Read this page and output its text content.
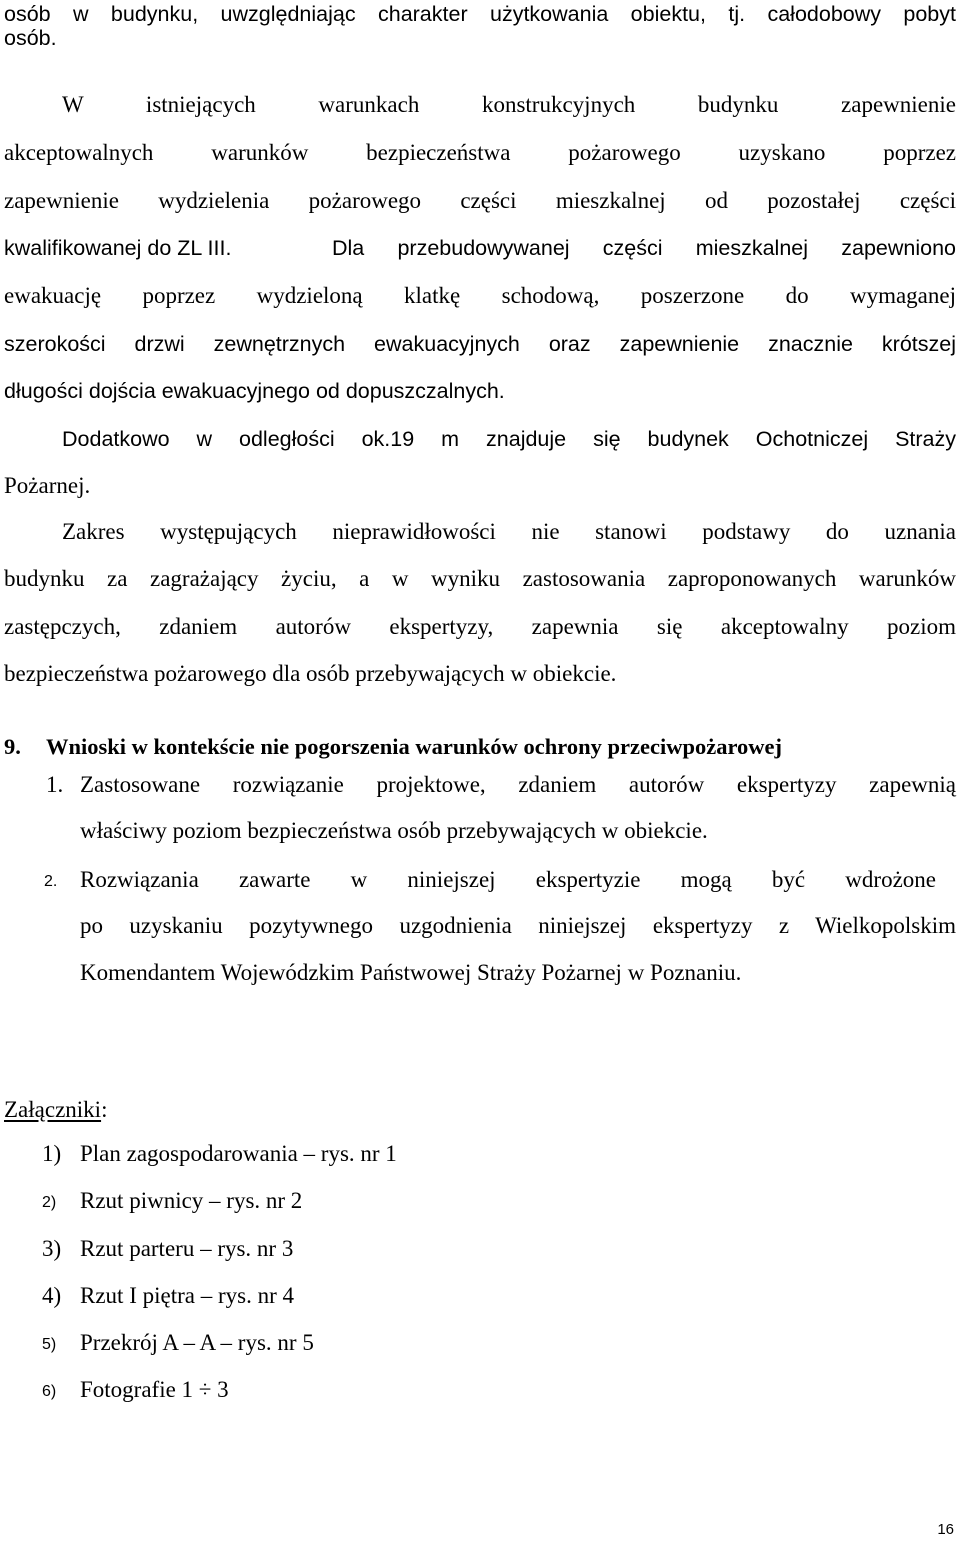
osób w budynku, uwzględniając charakter użytkowania obiektu, tj. całodobowy pobyt
osób.
W istniejących warunkach konstrukcyjnych budynku zapewnienie
akceptowalnych warunków bezpieczeństwa pożarowego uzyskano poprzez
zapewnienie wydzielenia pożarowego części mieszkalnej od pozostałej części
kwalifikowanej do ZL III.	Dla przebudowywanej części mieszkalnej zapewniono
ewakuację poprzez wydzieloną klatkę schodową, poszerzone do wymaganej
szerokości drzwi zewnętrznych ewakuacyjnych oraz zapewnienie znacznie krótszej
długości dojścia ewakuacyjnego od dopuszczalnych.
Dodatkowo w odległości ok.19 m znajduje się budynek Ochotniczej Straży
Pożarnej.
Zakres występujących nieprawidłowości nie stanowi podstawy do uznania
budynku za zagrażający życiu, a w wyniku zastosowania zaproponowanych warunków
zastępczych, zdaniem autorów ekspertyzy, zapewnia się akceptowalny poziom
bezpieczeństwa pożarowego dla osób przebywających w obiekcie.
9. Wnioski w kontekście nie pogorszenia warunków ochrony przeciwpożarowej
1. Zastosowane rozwiązanie projektowe, zdaniem autorów ekspertyzy zapewnią
właściwy poziom bezpieczeństwa osób przebywających w obiekcie.
2. Rozwiązania zawarte w niniejszej ekspertyzie mogą być wdrożone
po uzyskaniu pozytywnego uzgodnienia niniejszej ekspertyzy z Wielkopolskim
Komendantem Wojewódzkim Państwowej Straży Pożarnej w Poznaniu.
Załączniki:
1) Plan zagospodarowania – rys. nr 1
2) Rzut piwnicy – rys. nr 2
3) Rzut parteru – rys. nr 3
4) Rzut I piętra – rys. nr 4
5) Przekrój A – A – rys. nr 5
6) Fotografie 1 ÷ 3
16
